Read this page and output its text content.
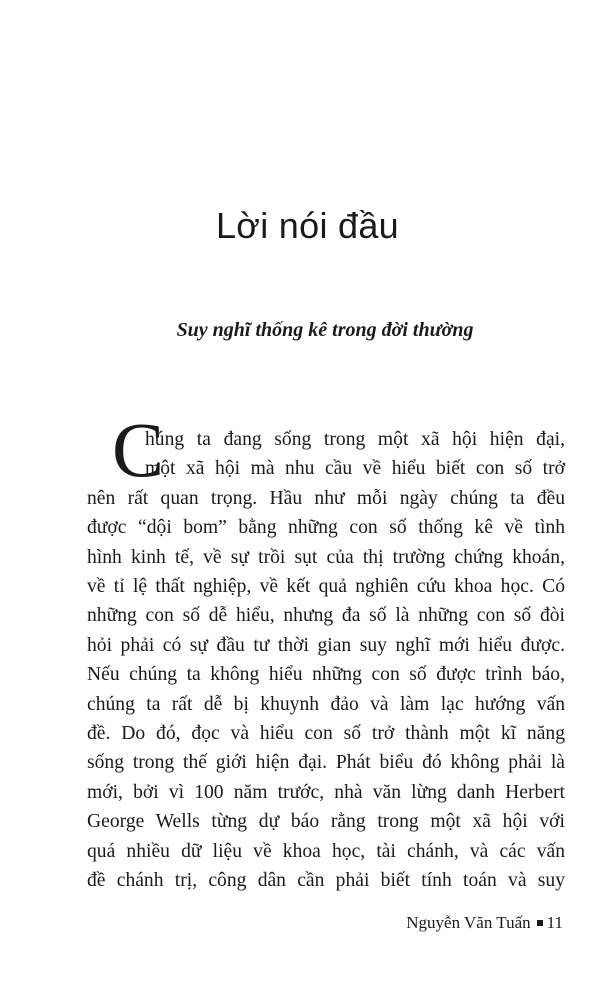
Lời nói đầu

Suy nghĩ thống kê trong đời thường

C
húng ta đang sống trong một xã hội hiện đại,
một xã hội mà nhu cầu về hiểu biết con số trở
nên rất quan trọng. Hầu như mỗi ngày chúng ta đều
được “dội bom” bằng những con số thống kê về tình
hình kinh tế, về sự trồi sụt của thị trường chứng khoán,
về tỉ lệ thất nghiệp, về kết quả nghiên cứu khoa học. Có
những con số dễ hiểu, nhưng đa số là những con số đòi
hỏi phải có sự đầu tư thời gian suy nghĩ mới hiểu được.
Nếu chúng ta không hiểu những con số được trình báo,
chúng ta rất dễ bị khuynh đảo và làm lạc hướng vấn
đề. Do đó, đọc và hiểu con số trở thành một kĩ năng
sống trong thế giới hiện đại. Phát biểu đó không phải là
mới, bởi vì 100 năm trước, nhà văn lừng danh Herbert
George Wells từng dự báo rằng trong một xã hội với
quá nhiều dữ liệu về khoa học, tài chánh, và các vấn
đề chánh trị, công dân cần phải biết tính toán và suy
Nguyễn Văn Tuấn 11
